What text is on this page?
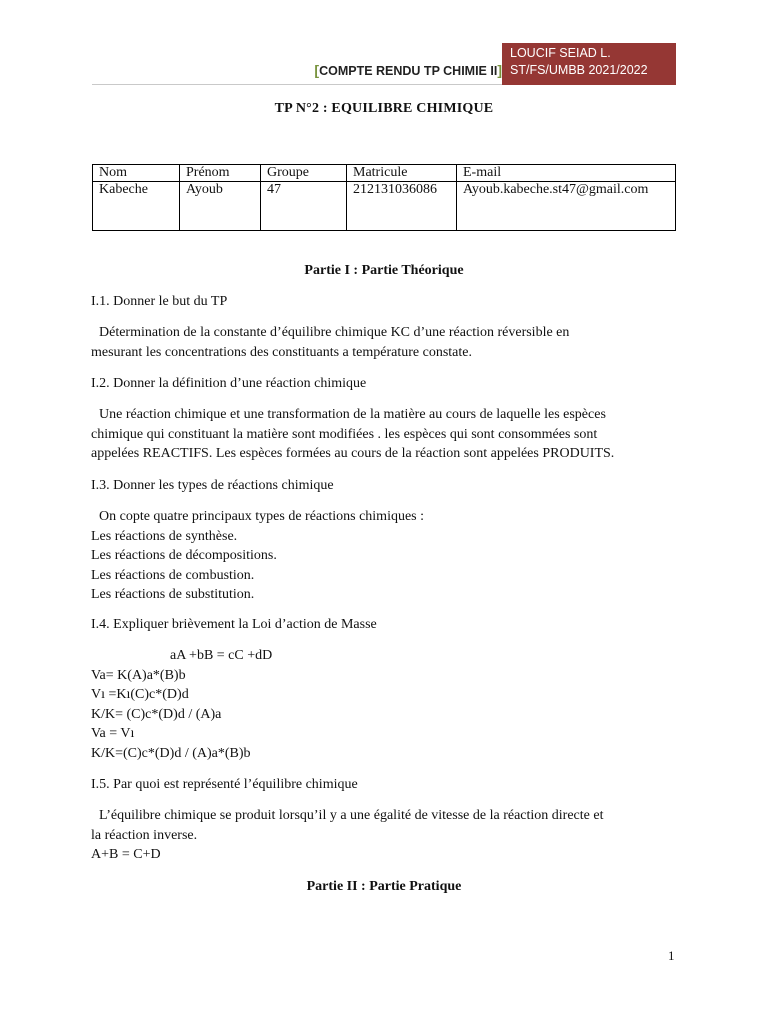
[COMPTE RENDU TP CHIMIE II]
LOUCIF SEIAD L.
ST/FS/UMBB 2021/2022
TP N°2 : EQUILIBRE CHIMIQUE
Nom	Prénom	Groupe	Matricule	E-mail
Kabeche	Ayoub	47	212131036086	Ayoub.kabeche.st47@gmail.com
Partie I : Partie Théorique
I.1. Donner le but du TP
Détermination de la constante d’équilibre chimique KC d’une réaction réversible en
mesurant les concentrations des constituants a température constate.
I.2. Donner la définition d’une réaction chimique
Une réaction chimique et une transformation de la matière au cours de laquelle les espèces
chimique qui constituant la matière sont modifiées . les espèces qui sont consommées sont
appelées REACTIFS. Les espèces formées au cours de la réaction sont appelées PRODUITS.
I.3. Donner les types de réactions chimique
On copte quatre principaux types de réactions chimiques :
Les réactions de synthèse.
Les réactions de décompositions.
Les réactions de combustion.
Les réactions de substitution.
I.4. Expliquer brièvement la Loi d’action de Masse
aA +bB = cC +dD
Va= K(A)a*(B)b
Vı =Kı(C)c*(D)d
K/K= (C)c*(D)d / (A)a
Va = Vı
K/K=(C)c*(D)d / (A)a*(B)b
I.5. Par quoi est représenté l’équilibre chimique
L’équilibre chimique se produit lorsqu’il y a une égalité de vitesse de la réaction directe et
la réaction inverse.
A+B = C+D
Partie II : Partie Pratique
1
